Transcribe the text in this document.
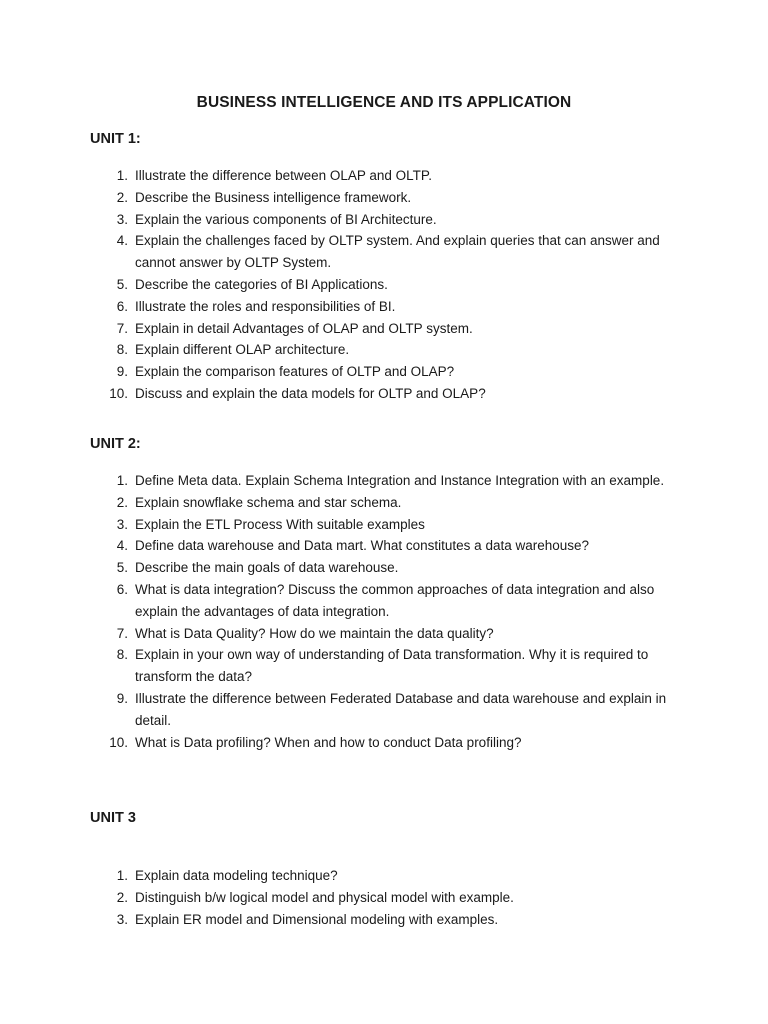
BUSINESS INTELLIGENCE AND ITS APPLICATION
UNIT 1:
1. Illustrate the difference between OLAP and OLTP.
2. Describe the Business intelligence framework.
3. Explain the various components of BI Architecture.
4. Explain the challenges faced by OLTP system. And explain queries that can answer and cannot answer by OLTP System.
5. Describe the categories of BI Applications.
6. Illustrate the roles and responsibilities of BI.
7. Explain in detail Advantages of OLAP and OLTP system.
8. Explain different OLAP architecture.
9. Explain the comparison features of OLTP and OLAP?
10. Discuss and explain the data models for OLTP and OLAP?
UNIT 2:
1. Define Meta data. Explain Schema Integration and Instance Integration with an example.
2. Explain snowflake schema and star schema.
3. Explain the ETL Process With suitable examples
4. Define data warehouse and Data mart. What constitutes a data warehouse?
5. Describe the main goals of data warehouse.
6. What is data integration? Discuss the common approaches of data integration and also explain the advantages of data integration.
7. What is Data Quality? How do we maintain the data quality?
8. Explain in your own way of understanding of Data transformation. Why it is required to transform the data?
9. Illustrate the difference between Federated Database and data warehouse and explain in detail.
10. What is Data profiling? When and how to conduct Data profiling?
UNIT 3
1. Explain data modeling technique?
2. Distinguish b/w logical model and physical model with example.
3. Explain ER model and Dimensional modeling with examples.
